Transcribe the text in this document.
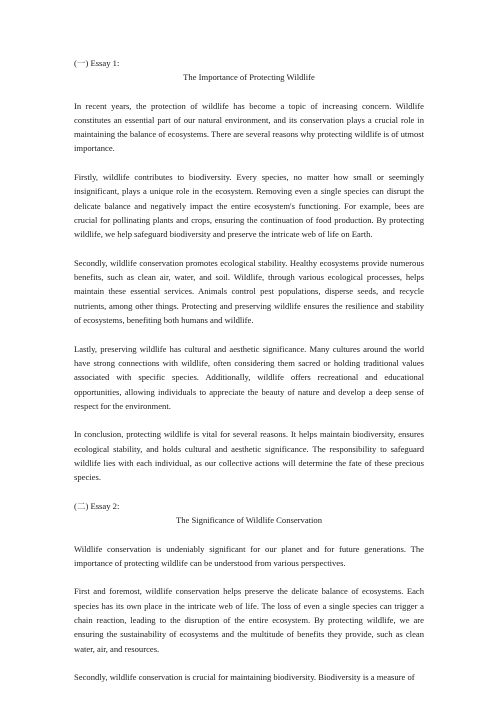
(一) Essay 1:

The Importance of Protecting Wildlife

In recent years, the protection of wildlife has become a topic of increasing concern. Wildlife constitutes an essential part of our natural environment, and its conservation plays a crucial role in maintaining the balance of ecosystems. There are several reasons why protecting wildlife is of utmost importance.

Firstly, wildlife contributes to biodiversity. Every species, no matter how small or seemingly insignificant, plays a unique role in the ecosystem. Removing even a single species can disrupt the delicate balance and negatively impact the entire ecosystem's functioning. For example, bees are crucial for pollinating plants and crops, ensuring the continuation of food production. By protecting wildlife, we help safeguard biodiversity and preserve the intricate web of life on Earth.

Secondly, wildlife conservation promotes ecological stability. Healthy ecosystems provide numerous benefits, such as clean air, water, and soil. Wildlife, through various ecological processes, helps maintain these essential services. Animals control pest populations, disperse seeds, and recycle nutrients, among other things. Protecting and preserving wildlife ensures the resilience and stability of ecosystems, benefiting both humans and wildlife.

Lastly, preserving wildlife has cultural and aesthetic significance. Many cultures around the world have strong connections with wildlife, often considering them sacred or holding traditional values associated with specific species. Additionally, wildlife offers recreational and educational opportunities, allowing individuals to appreciate the beauty of nature and develop a deep sense of respect for the environment.

In conclusion, protecting wildlife is vital for several reasons. It helps maintain biodiversity, ensures ecological stability, and holds cultural and aesthetic significance. The responsibility to safeguard wildlife lies with each individual, as our collective actions will determine the fate of these precious species.

(二) Essay 2:

The Significance of Wildlife Conservation

Wildlife conservation is undeniably significant for our planet and for future generations. The importance of protecting wildlife can be understood from various perspectives.

First and foremost, wildlife conservation helps preserve the delicate balance of ecosystems. Each species has its own place in the intricate web of life. The loss of even a single species can trigger a chain reaction, leading to the disruption of the entire ecosystem. By protecting wildlife, we are ensuring the sustainability of ecosystems and the multitude of benefits they provide, such as clean water, air, and resources.

Secondly, wildlife conservation is crucial for maintaining biodiversity. Biodiversity is a measure of
